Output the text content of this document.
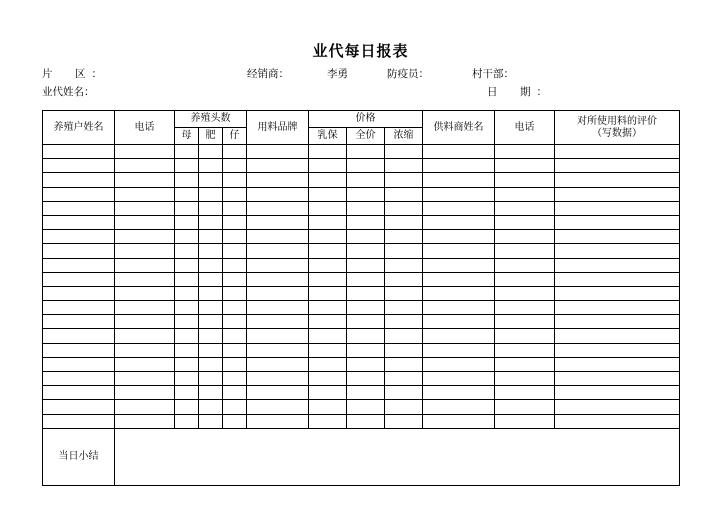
业代每日报表
片　区：	经销商：	李勇	防疫员：	村干部：
业代姓名：	日　期：
养殖户姓名	电话	养殖头数			用料品牌	价格			供料商姓名	电话	对所使用料的评价
（写数据）

		母	肥	仔		乳保	全价	浓缩			

当日小结											
